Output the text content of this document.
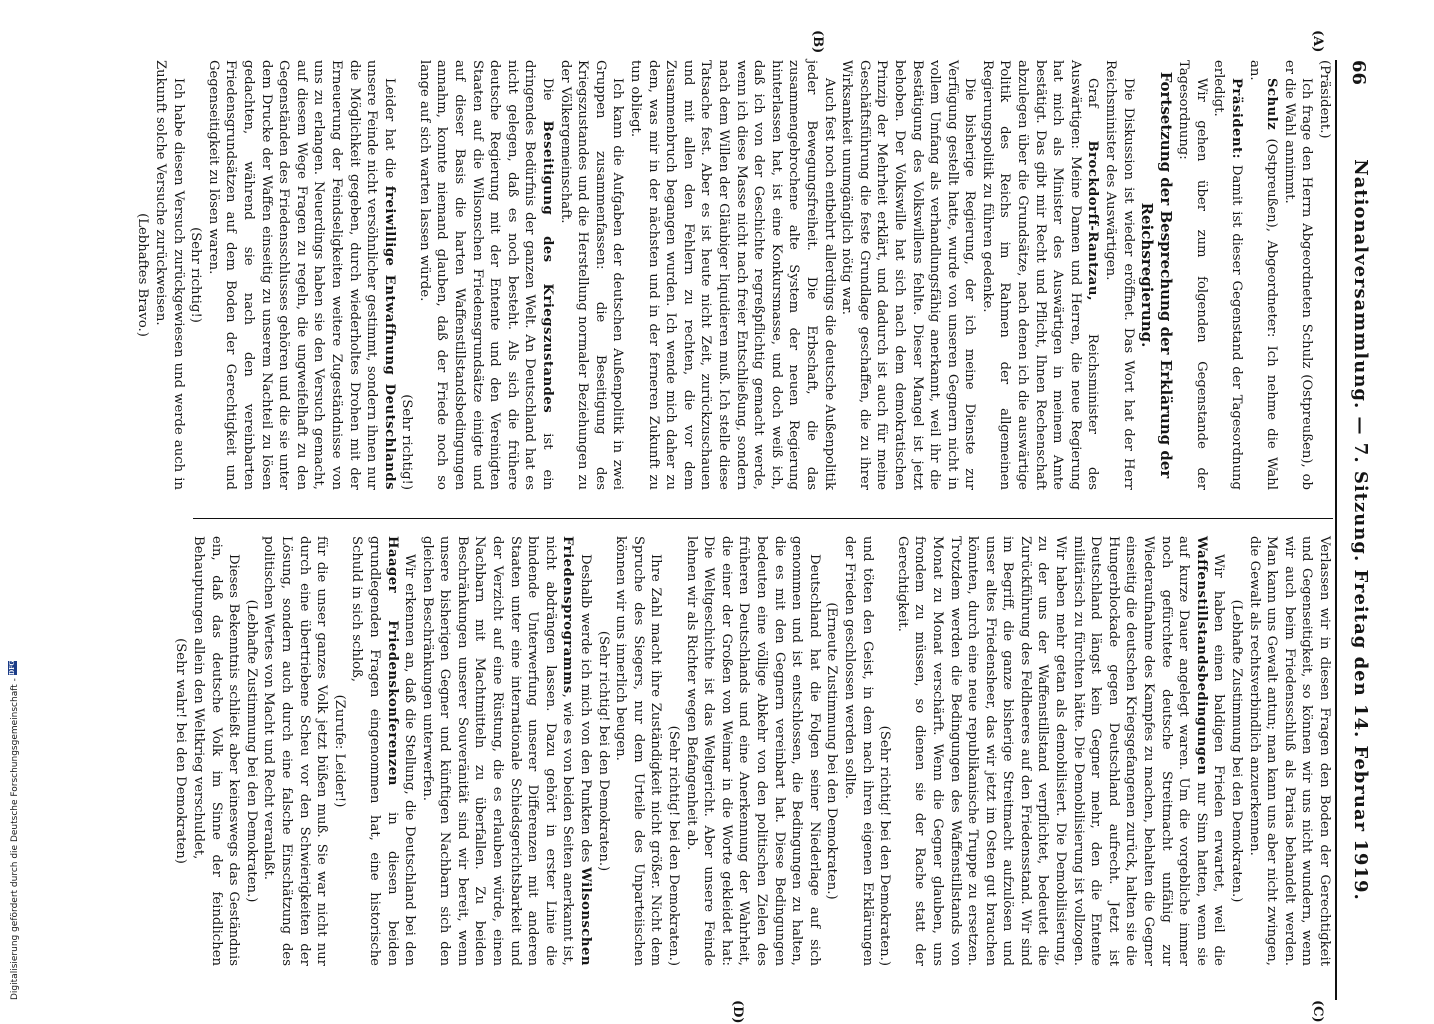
66
Nationalversammlung. — 7. Sitzung. Freitag den 14. Februar 1919.
(A)
(B)
(C)
(D)

(Präsident.)

Ich frage den Herrn Abgeordneten Schulz (Ostpreußen), ob er die Wahl annimmt.

Schulz (Ostpreußen), Abgeordneter: Ich nehme die Wahl an.

Präsident: Damit ist dieser Gegenstand der Tagesordnung erledigt.

Wir gehen über zum folgenden Gegenstande der Tagesordnung:

Fortsetzung der Besprechung der Erklärung der Reichsregierung.

Die Diskussion ist wieder eröffnet. Das Wort hat der Herr Reichsminister des Auswärtigen.

Graf Brockdorff-Rantzau, Reichsminister des Auswärtigen: Meine Damen und Herren, die neue Regierung hat mich als Minister des Auswärtigen in meinem Amte bestätigt. Das gibt mir Recht und Pflicht, Ihnen Rechenschaft abzulegen über die Grundsätze, nach denen ich die auswärtige Politik des Reichs im Rahmen der allgemeinen Regierungspolitik zu führen gedenke.

Die bisherige Regierung, der ich meine Dienste zur Verfügung gestellt hatte, wurde von unseren Gegnern nicht in vollem Umfang als verhandlungsfähig anerkannt, weil ihr die Bestätigung des Volkswillens fehlte. Dieser Mangel ist jetzt behoben. Der Volkswille hat sich nach dem demokratischen Prinzip der Mehrheit erklärt, und dadurch ist auch für meine Geschäftsführung die feste Grundlage geschaffen, die zu ihrer Wirksamkeit unumgänglich nötig war.

Auch fest noch entbehrt allerdings die deutsche Außenpolitik jeder Bewegungsfreiheit. Die Erbschaft, die das zusammengebrochene alte System der neuen Regierung hinterlassen hat, ist eine Konkursmasse, und doch weiß ich, daß ich von der Geschichte regreßpflichtig gemacht werde, wenn ich diese Masse nicht nach freier Entschließung, sondern nach dem Willen der Gläubiger liquidieren muß. Ich stelle diese Tatsache fest. Aber es ist heute nicht Zeit, zurückzuschauen und mit allen den Fehlern zu rechten, die vor dem Zusammenbruch begangen wurden. Ich wende mich daher zu dem, was mir in der nächsten und in der ferneren Zukunft zu tun obliegt.

Ich kann die Aufgaben der deutschen Außenpolitik in zwei Gruppen zusammenfassen: die Beseitigung des Kriegszustandes und die Herstellung normaler Beziehungen zu der Völkergemeinschaft.

Die Beseitigung des Kriegszustandes ist ein dringendes Bedürfnis der ganzen Welt. An Deutschland hat es nicht gelegen, daß es noch besteht. Als sich die frühere deutsche Regierung mit der Entente und den Vereinigten Staaten auf die Wilsonschen Friedensgrundsätze einigte und auf dieser Basis die harten Waffenstillstandsbedingungen annahm, konnte niemand glauben, daß der Friede noch so lange auf sich warten lassen würde.

(Sehr richtig!)

Leider hat die freiwillige Entwaffnung Deutschlands unsere Feinde nicht versöhnlicher gestimmt, sondern ihnen nur die Möglichkeit gegeben, durch wiederholtes Drohen mit der Erneuerung der Feindseligkeiten weitere Zugeständnisse von uns zu erlangen. Neuerdings haben sie den Versuch gemacht, auf diesem Wege Fragen zu regeln, die ungweifelhaft zu den Gegenständen des Friedensschlusses gehören und die sie unter dem Drucke der Waffen einseitig zu unserem Nachteil zu lösen gedachten, während sie nach den vereinbarten Friedensgrundsätzen auf dem Boden der Gerechtigkeit und Gegenseitigkeit zu lösen waren.

(Sehr richtig!)

Ich habe diesen Versuch zurückgewiesen und werde auch in Zukunft solche Versuche zurückweisen.

(Lebhaftes Bravo.)

Verlassen wir in diesen Fragen den Boden der Gerechtigkeit und Gegenseitigkeit, so können wir uns nicht wundern, wenn wir auch beim Friedensschluß als Parias behandelt werden. Man kann uns Gewalt antun; man kann uns aber nicht zwingen, die Gewalt als rechtsverbindlich anzuerkennen.

(Lebhafte Zustimmung bei den Demokraten.)

Wir haben einen baldigen Frieden erwartet, weil die Waffenstillstandsbedingungen nur Sinn hatten, wenn sie auf kurze Dauer angelegt waren. Um die vorgebliche immer noch gefürchtete deutsche Streitmacht unfähig zur Wiederaufnahme des Kampfes zu machen, behalten die Gegner einseitig die deutschen Kriegsgefangenen zurück, halten sie die Hungerblockade gegen Deutschland aufrecht. Jetzt ist Deutschland längst kein Gegner mehr, den die Entente militärisch zu fürchten hätte. Die Demobilisierung ist vollzogen. Wir haben mehr getan als demobilisiert. Die Demobilisierung, zu der uns der Waffenstillstand verpflichtet, bedeutet die Zurückführung des Feldheeres auf den Friedensstand. Wir sind im Begriff, die ganze bisherige Streitmacht aufzulösen und unser altes Friedensheer, das wir jetzt im Osten gut brauchen könnten, durch eine neue republikanische Truppe zu ersetzen. Trotzdem werden die Bedingungen des Waffenstillstands von Monat zu Monat verschärft. Wenn die Gegner glauben, uns frondem zu müssen, so dienen sie der Rache statt der Gerechtigkeit.

(Sehr richtig! bei den Demokraten.)

und töten den Geist, in dem nach ihren eigenen Erklärungen der Frieden geschlossen werden sollte.

(Erneute Zustimmung bei den Demokraten.)

Deutschland hat die Folgen seiner Niederlage auf sich genommen und ist entschlossen, die Bedingungen zu halten, die es mit den Gegnern vereinbart hat. Diese Bedingungen bedeuten eine völlige Abkehr von den politischen Zielen des früheren Deutschlands und eine Anerkennung der Wahrheit, die einer der Großen von Weimar in die Worte gekleidet hat: Die Weltgeschichte ist das Weltgericht. Aber unsere Feinde lehnen wir als Richter wegen Befangenheit ab.

(Sehr richtig! bei den Demokraten.)

Ihre Zahl macht ihre Zuständigkeit nicht größer. Nicht dem Spruche des Siegers, nur dem Urteile des Unparteiischen können wir uns innerlich beugen.

(Sehr richtig! bei den Demokraten.)

Deshalb werde ich mich von den Punkten des Wilsonschen Friedensprogramms, wie es von beiden Seiten anerkannt ist, nicht abdrängen lassen. Dazu gehört in erster Linie die bindende Unterwerfung unserer Differenzen mit anderen Staaten unter eine internationale Schiedsgerichtsbarkeit und der Verzicht auf eine Rüstung, die es erlauben würde, einen Nachbarn mit Machtmitteln zu überfallen. Zu beiden Beschränkungen unserer Souveränität sind wir bereit, wenn unsere bisherigen Gegner und künftigen Nachbarn sich den gleichen Beschränkungen unterwerfen.

Wir erkennen an, daß die Stellung, die Deutschland bei den Haager Friedenskonferenzen in diesen beiden grundlegenden Fragen eingenommen hat, eine historische Schuld in sich schloß,

(Zurufe: Leider!)

für die unser ganzes Volk jetzt büßen muß. Sie war nicht nur durch eine übertriebene Scheu vor den Schwierigkeiten der Lösung, sondern auch durch eine falsche Einschätzung des politischen Wertes von Macht und Recht veranlaßt.

(Lebhafte Zustimmung bei den Demokraten.)

Dieses Bekenntnis schließt aber keineswegs das Geständnis ein, daß das deutsche Volk im Sinne der feindlichen Behauptungen allein den Weltkrieg verschuldet,

(Sehr wahr! bei den Demokraten)

Digitalisierung gefördert durch die Deutsche Forschungsgemeinschaft -DFG
